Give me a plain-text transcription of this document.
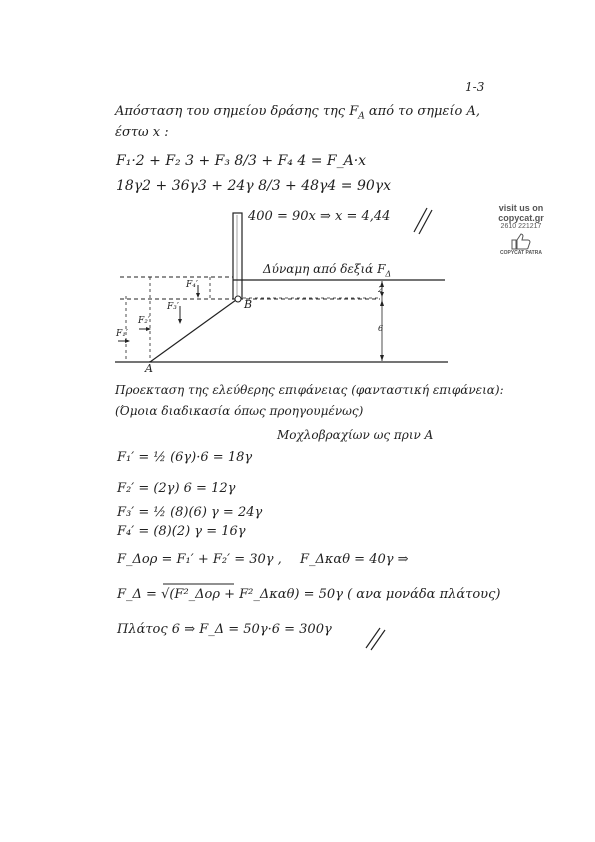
1-3
Απόσταση του σημείου δράσης της $F_A$ από το σημείο Α,
έστω x :
F₁·2 + F₂ 3 + F₃ 8/3 + F₄ 4 = F_A·x
18γ2 + 36γ3 + 24γ 8/3 + 48γ4 = 90γx
400 = 90x ⇒ x = 4,44
Δύναμη από δεξιά $F_\Delta$
B
A
2
6
F₄′
F₃′
F₂′
F₁′
Προεκταση της ελεύθερης επιφάνειας (φανταστική επιφάνεια):
(Όμοια διαδικασία όπως προηγουμένως)
Μοχλοβραχίων ως πριν Α
F₁′ = ½ (6γ)·6 = 18γ
F₂′ = (2γ) 6 = 12γ
F₃′ = ½ (8)(6) γ = 24γ
F₄′ = (8)(2) γ = 16γ
F_Δορ = F₁′ + F₂′ = 30γ , F_Δκαθ = 40γ ⇒
F_Δ = √(F²_Δορ + F²_Δκαθ) = 50γ ( ανα μονάδα πλάτους)
Πλάτος 6 ⇒ F_Δ = 50γ·6 = 300γ
visit us on
copycat.gr
2610 221217
COPYCAT PATRA
